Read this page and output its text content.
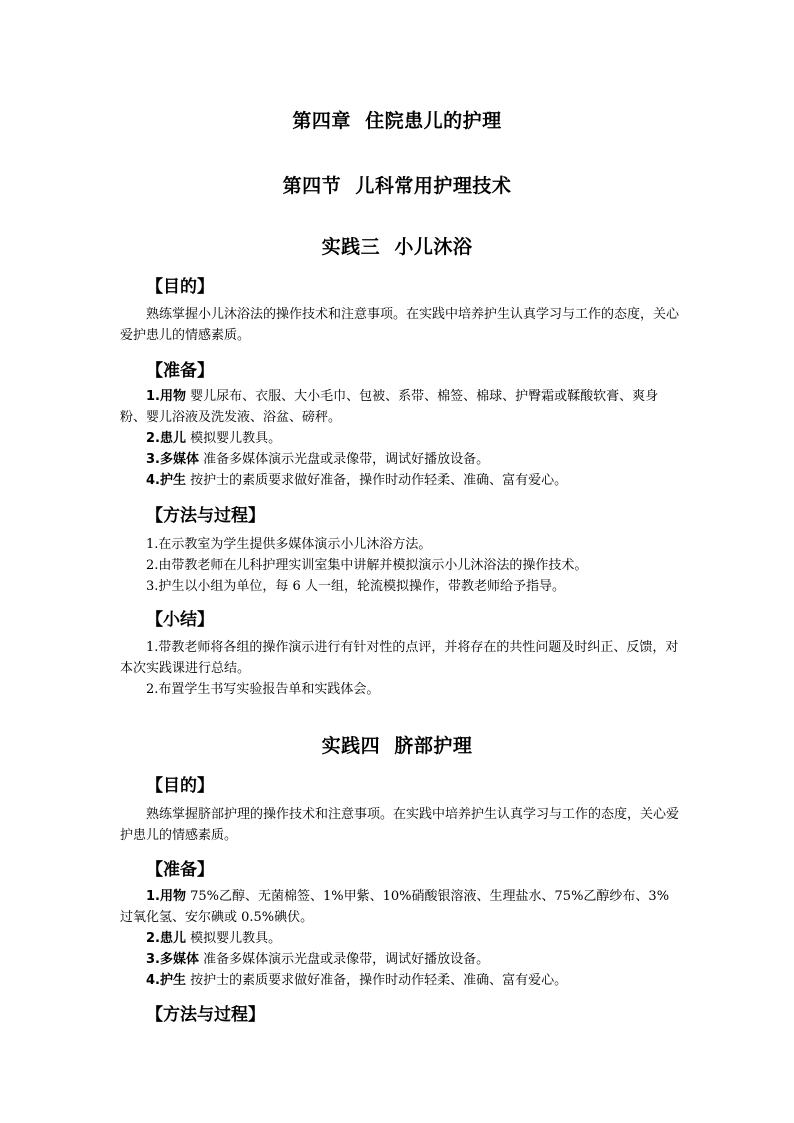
第四章  住院患儿的护理
第四节  儿科常用护理技术
实践三  小儿沐浴
【目的】
熟练掌握小儿沐浴法的操作技术和注意事项。在实践中培养护生认真学习与工作的态度，关心爱护患儿的情感素质。
【准备】
1.用物 婴儿尿布、衣服、大小毛巾、包被、系带、棉签、棉球、护臀霜或鞣酸软膏、爽身粉、婴儿浴液及洗发液、浴盆、磅秤。
2.患儿 模拟婴儿教具。
3.多媒体 准备多媒体演示光盘或录像带，调试好播放设备。
4.护生 按护士的素质要求做好准备，操作时动作轻柔、准确、富有爱心。
【方法与过程】
1.在示教室为学生提供多媒体演示小儿沐浴方法。
2.由带教老师在儿科护理实训室集中讲解并模拟演示小儿沐浴法的操作技术。
3.护生以小组为单位，每 6 人一组，轮流模拟操作，带教老师给予指导。
【小结】
1.带教老师将各组的操作演示进行有针对性的点评，并将存在的共性问题及时纠正、反馈，对本次实践课进行总结。
2.布置学生书写实验报告单和实践体会。
实践四  脐部护理
【目的】
熟练掌握脐部护理的操作技术和注意事项。在实践中培养护生认真学习与工作的态度，关心爱护患儿的情感素质。
【准备】
1.用物 75%乙醇、无菌棉签、1%甲紫、10%硝酸银溶液、生理盐水、75%乙醇纱布、3%过氧化氢、安尔碘或 0.5%碘伏。
2.患儿 模拟婴儿教具。
3.多媒体 准备多媒体演示光盘或录像带，调试好播放设备。
4.护生 按护士的素质要求做好准备，操作时动作轻柔、准确、富有爱心。
【方法与过程】
